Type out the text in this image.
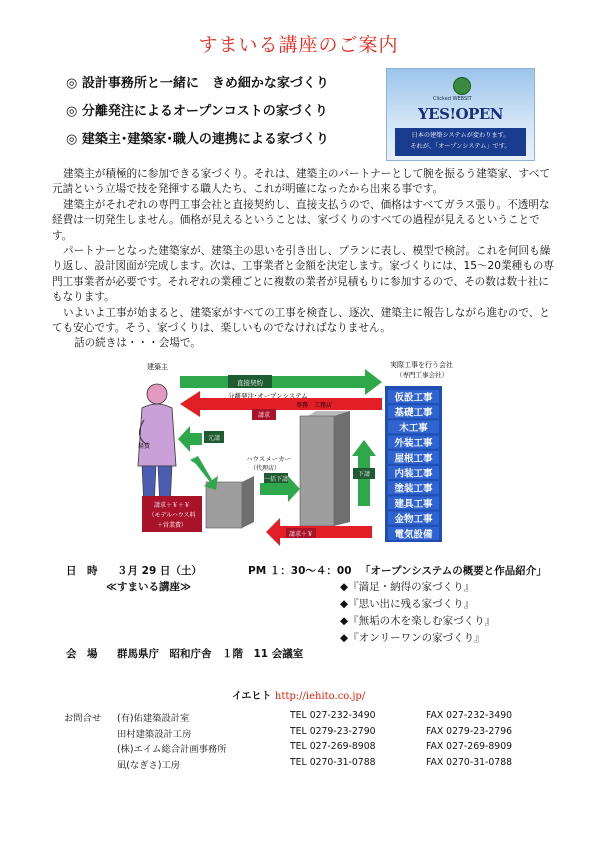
すまいる講座のご案内
◎ 設計事務所と一緒に　きめ細かな家づくり
◎ 分離発注によるオープンコストの家づくり
◎ 建築主･建築家･職人の連携による家づくり
Clicked WEBSIT
YES!OPEN
日本の建築システムが変わります。
それが、「オープンシステム」です。

建築主が積極的に参加できる家づくり。それは、建築主のパートナーとして腕を振るう建築家、すべて元請という立場で技を発揮する職人たち、これが明確になったから出来る事です。

建築主がそれぞれの専門工事会社と直接契約し、直接支払うので、価格はすべてガラス張り。不透明な経費は一切発生しません。価格が見えるということは、家づくりのすべての過程が見えるということです。

パートナーとなった建築家が、建築主の思いを引き出し、プランに表し、模型で検討。これを何回も繰り返し、設計図面が完成します。次は、工事業者と金額を決定します。家づくりには、15～20業種もの専門工事業者が必要です。それぞれの業種ごとに複数の業者が見積もりに参加するので、その数は数十社にもなります。

いよいよ工事が始まると、建築家がすべての工事を検査し、逐次、建築主に報告しながら進むので、とても安心です。そう、家づくりは、楽しいものでなければなりません。

話の続きは・・・会場で。

建築主
直接契約
分離発注･オープンシステム
実際工事を行う会社
（専門工事会社）
仮設工事
基礎工事
木工事
外装工事
屋根工事
内装工事
塗装工事
建具工事
金物工事
電気設備
請求
専務　工務店
ハウスメーカー
（代理店）
元請
経費
一括下請
下請
請求＋￥＋￥
（モデルハウス料
＋営業費）
請求＋￥
日　時 ３月 29 日（土）	PM １：30～４：00 「オープンシステムの概要と作品紹介」
≪すまいる講座≫	◆『満足・納得の家づくり』
◆『思い出に残る家づくり』
◆『無垢の木を楽しむ家づくり』
◆『オンリーワンの家づくり』
会　場 群馬県庁　昭和庁舎　１階　11 会議室
イエヒト http://iehito.co.jp/
お問合せ (有)佑建築設計室	TEL 027-232-3490	FAX 027-232-3490
田村建築設計工房	TEL 0279-23-2790	FAX 0279-23-2796
(株)エイム総合計画事務所	TEL 027-269-8908	FAX 027-269-8909
凪(なぎさ)工房	TEL 0270-31-0788	FAX 0270-31-0788
